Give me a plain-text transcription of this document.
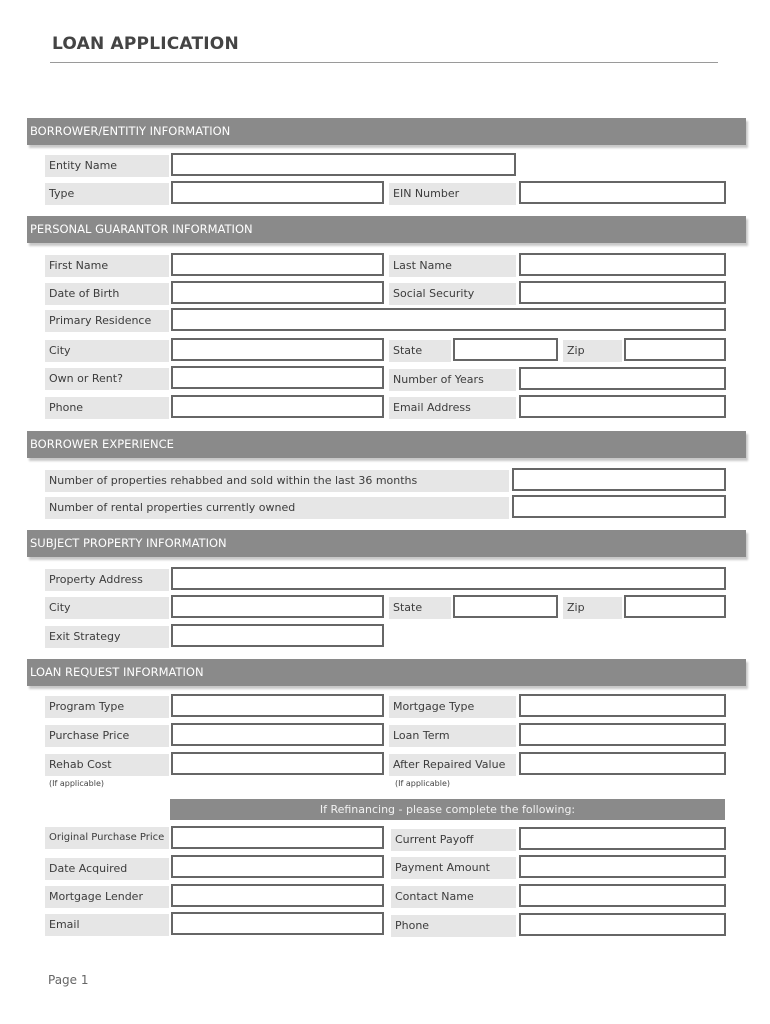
LOAN APPLICATION
BORROWER/ENTITIY INFORMATION
Entity Name
Type	EIN Number
PERSONAL GUARANTOR INFORMATION
First Name	Last Name
Date of Birth	Social Security
Primary Residence
City	State	Zip
Own or Rent?	Number of Years
Phone	Email Address
BORROWER EXPERIENCE
Number of properties rehabbed and sold within the last 36 months
Number of rental properties currently owned
SUBJECT PROPERTY INFORMATION
Property Address
City	State	Zip
Exit Strategy
LOAN REQUEST INFORMATION
Program Type	Mortgage Type
Purchase Price	Loan Term
Rehab Cost	After Repaired Value
(If applicable)	(If applicable)
If Refinancing - please complete the following:
Original Purchase Price	Current Payoff
Date Acquired	Payment Amount
Mortgage Lender	Contact Name
Email	Phone
Page 1
